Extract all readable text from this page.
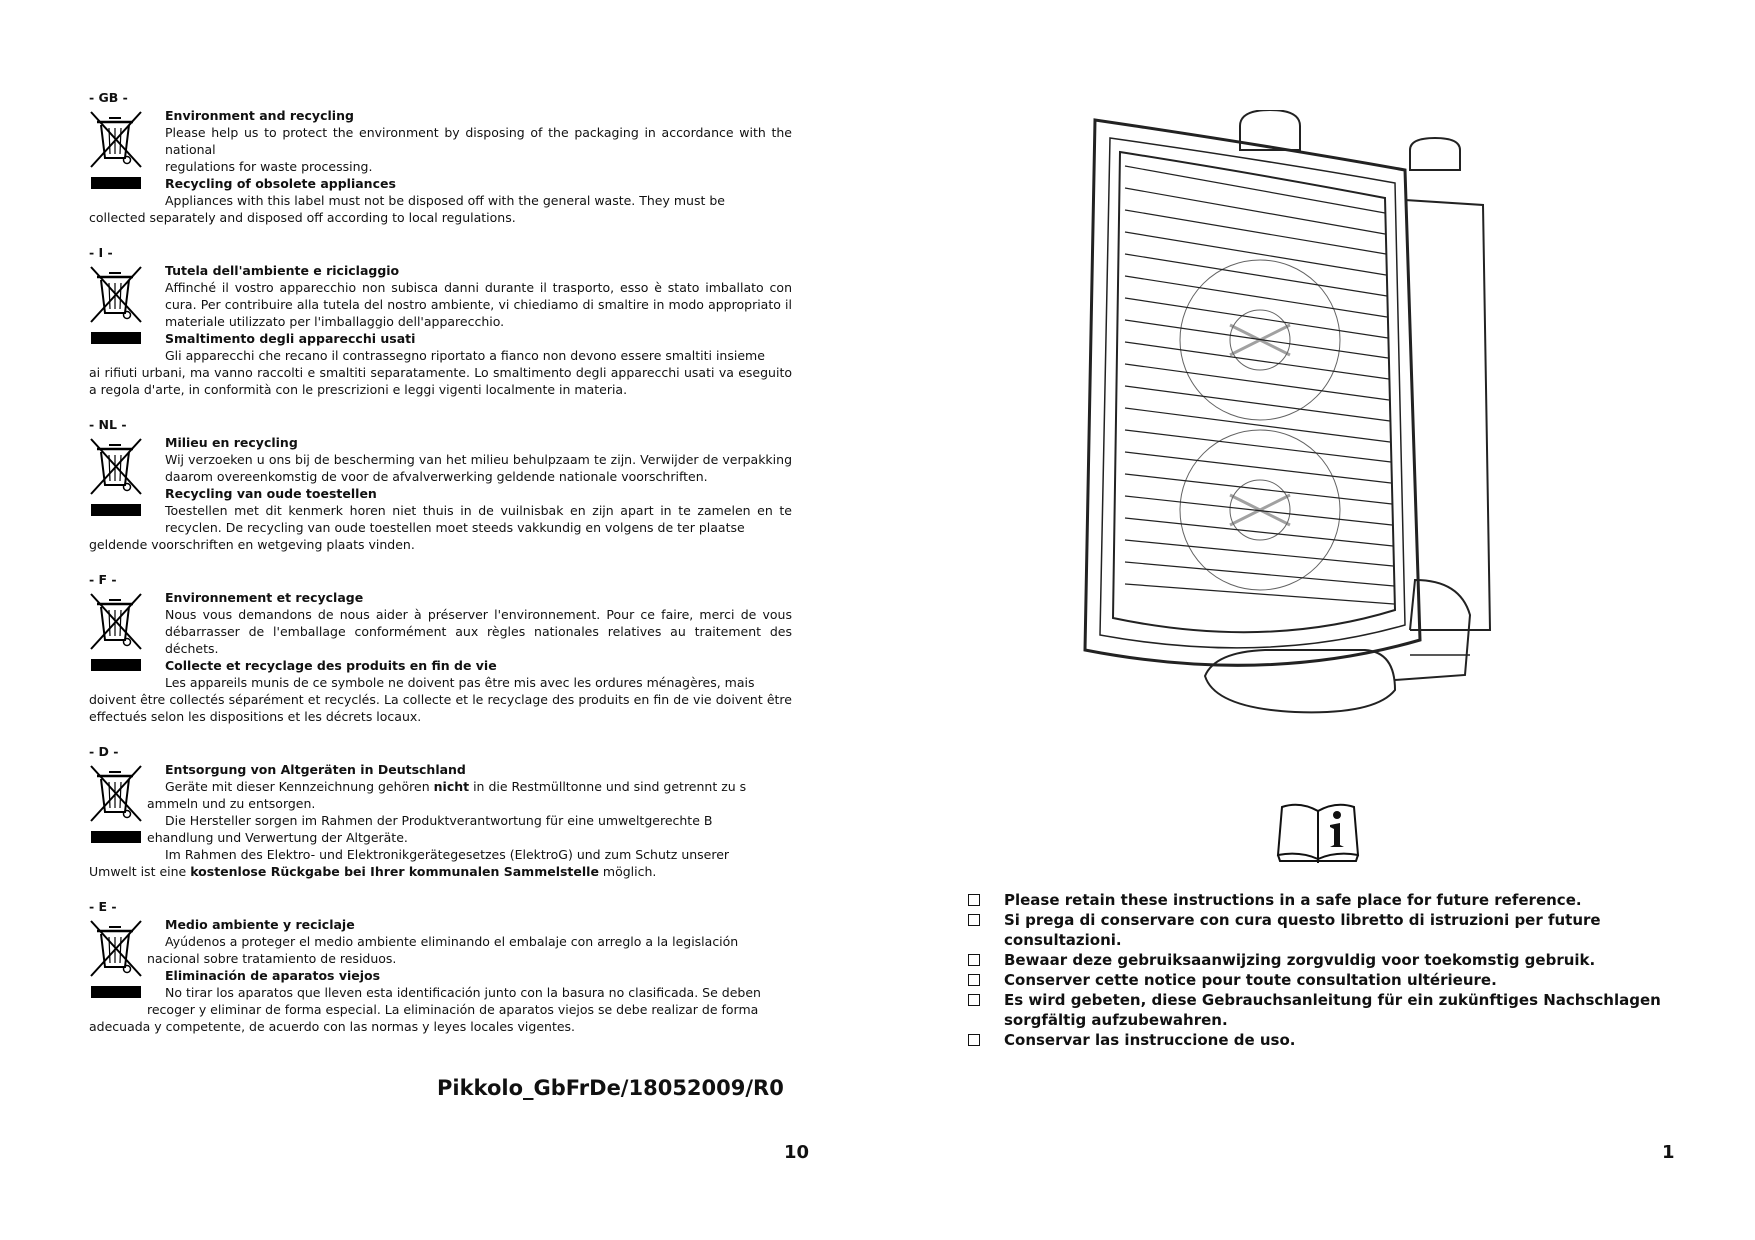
- GB -
Environment and recycling
Please help us to protect the environment by disposing of the packaging in accordance with the national
regulations for waste processing.
Recycling of obsolete appliances
Appliances with this label must not be disposed off with the general waste. They must be
collected separately and disposed off according to local regulations.
- I -
Tutela dell'ambiente e riciclaggio
Affinché il vostro apparecchio non subisca danni durante il trasporto, esso è stato imballato con cura. Per contribuire alla tutela del nostro ambiente, vi chiediamo di smaltire in modo appropriato il materiale utilizzato per l'imballaggio dell'apparecchio.
Smaltimento degli apparecchi usati
Gli apparecchi che recano il contrassegno riportato a fianco non devono essere smaltiti insieme
ai rifiuti urbani, ma vanno raccolti e smaltiti separatamente. Lo smaltimento degli apparecchi usati va eseguito a regola d'arte, in conformità con le prescrizioni e leggi vigenti localmente in materia.
- NL -
Milieu en recycling
Wij verzoeken u ons bij de bescherming van het milieu behulpzaam te zijn. Verwijder de verpakking daarom overeenkomstig de voor de afvalverwerking geldende nationale voorschriften.
Recycling van oude toestellen
Toestellen met dit kenmerk horen niet thuis in de vuilnisbak en zijn apart in te zamelen en te recyclen. De recycling van oude toestellen moet steeds vakkundig en volgens de ter plaatse
geldende voorschriften en wetgeving plaats vinden.
- F -
Environnement et recyclage
Nous vous demandons de nous aider à préserver l'environnement. Pour ce faire, merci de vous débarrasser de l'emballage conformément aux règles nationales relatives au traitement des déchets.
Collecte et recyclage des produits en fin de vie
Les appareils munis de ce symbole ne doivent pas être mis avec les ordures ménagères, mais
doivent être collectés séparément et recyclés. La collecte et le recyclage des produits en fin de vie doivent être effectués selon les dispositions et les décrets locaux.
- D -
Entsorgung von Altgeräten in Deutschland
Geräte mit dieser Kennzeichnung gehören nicht in die Restmülltonne und sind getrennt zu s
ammeln und zu entsorgen.
Die Hersteller sorgen im Rahmen der Produktverantwortung für eine umweltgerechte B
ehandlung und Verwertung der Altgeräte.
Im Rahmen des Elektro- und Elektronikgerätegesetzes (ElektroG) und zum Schutz unserer
Umwelt ist eine kostenlose Rückgabe bei Ihrer kommunalen Sammelstelle möglich.
- E -
Medio ambiente y reciclaje
Ayúdenos a proteger el medio ambiente eliminando el embalaje con arreglo a la legislación
nacional sobre tratamiento de residuos.
Eliminación de aparatos viejos
No tirar los aparatos que lleven esta identificación junto con la basura no clasificada. Se deben
recoger y eliminar de forma especial. La eliminación de aparatos viejos se debe realizar de forma
adecuada y competente, de acuerdo con las normas y leyes locales vigentes.
Pikkolo_GbFrDe/18052009/R0
10
Please retain these instructions in a safe place for future reference.
Si prega di conservare con cura questo libretto di istruzioni per future consultazioni.
Bewaar deze gebruiksaanwijzing zorgvuldig voor toekomstig gebruik.
Conserver cette notice pour toute consultation ultérieure.
Es wird gebeten, diese Gebrauchsanleitung für ein zukünftiges Nachschlagen sorgfältig aufzubewahren.
Conservar las instruccione de uso.
1
